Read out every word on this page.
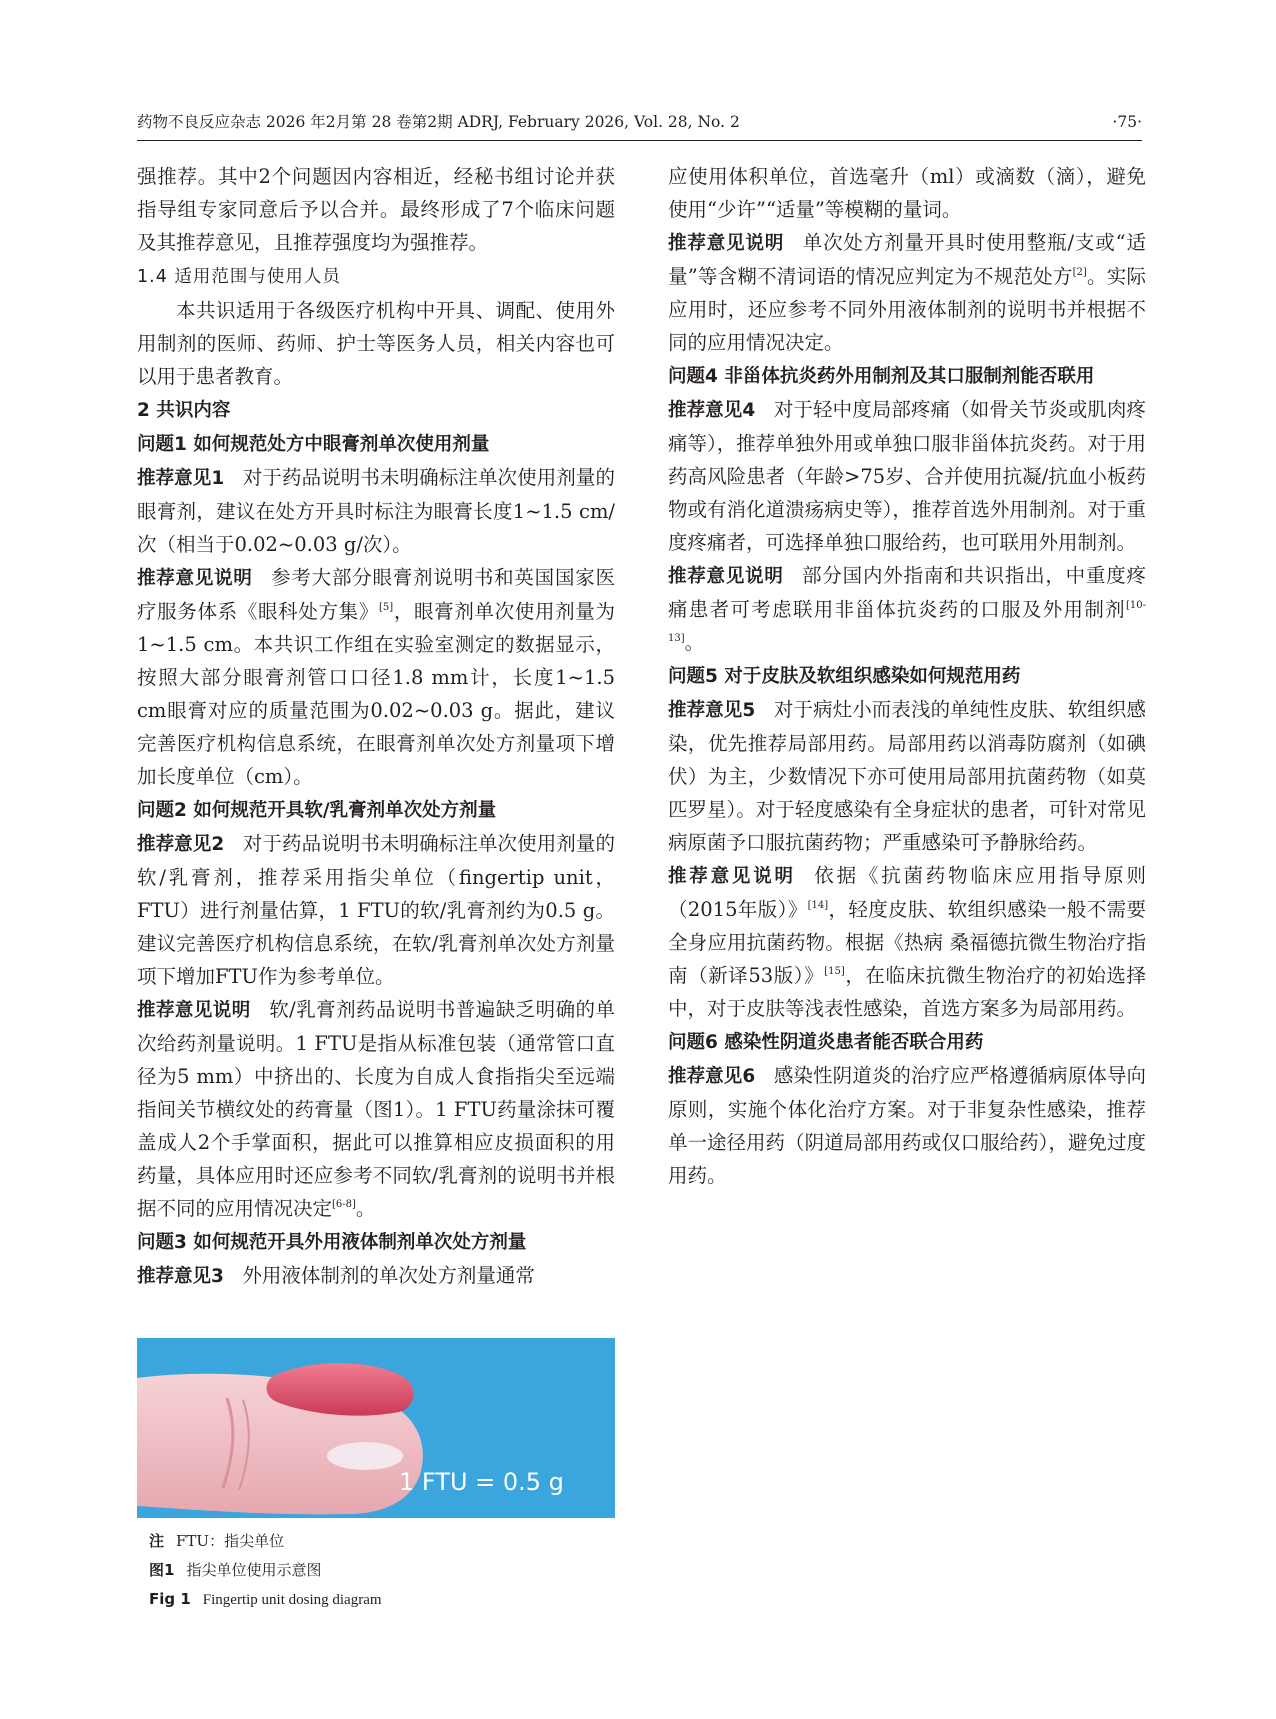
药物不良反应杂志 2026 年2月第 28 卷第2期 ADRJ, February 2026, Vol. 28, No. 2	·75·

强推荐。其中2个问题因内容相近，经秘书组讨论并获指导组专家同意后予以合并。最终形成了7个临床问题及其推荐意见，且推荐强度均为强推荐。

1.4 适用范围与使用人员

本共识适用于各级医疗机构中开具、调配、使用外用制剂的医师、药师、护士等医务人员，相关内容也可以用于患者教育。

2 共识内容

问题1 如何规范处方中眼膏剂单次使用剂量

推荐意见1 对于药品说明书未明确标注单次使用剂量的眼膏剂，建议在处方开具时标注为眼膏长度1~1.5 cm/次（相当于0.02~0.03 g/次）。

推荐意见说明 参考大部分眼膏剂说明书和英国国家医疗服务体系《眼科处方集》[5]，眼膏剂单次使用剂量为1~1.5 cm。本共识工作组在实验室测定的数据显示，按照大部分眼膏剂管口口径1.8 mm计，长度1~1.5 cm眼膏对应的质量范围为0.02~0.03 g。据此，建议完善医疗机构信息系统，在眼膏剂单次处方剂量项下增加长度单位（cm）。

问题2 如何规范开具软/乳膏剂单次处方剂量

推荐意见2 对于药品说明书未明确标注单次使用剂量的软/乳膏剂，推荐采用指尖单位（fingertip unit，FTU）进行剂量估算，1 FTU的软/乳膏剂约为0.5 g。建议完善医疗机构信息系统，在软/乳膏剂单次处方剂量项下增加FTU作为参考单位。

推荐意见说明 软/乳膏剂药品说明书普遍缺乏明确的单次给药剂量说明。1 FTU是指从标准包装（通常管口直径为5 mm）中挤出的、长度为自成人食指指尖至远端指间关节横纹处的药膏量（图1）。1 FTU药量涂抹可覆盖成人2个手掌面积，据此可以推算相应皮损面积的用药量，具体应用时还应参考不同软/乳膏剂的说明书并根据不同的应用情况决定[6-8]。

问题3 如何规范开具外用液体制剂单次处方剂量

推荐意见3 外用液体制剂的单次处方剂量通常

应使用体积单位，首选毫升（ml）或滴数（滴），避免使用“少许”“适量”等模糊的量词。

推荐意见说明 单次处方剂量开具时使用整瓶/支或“适量”等含糊不清词语的情况应判定为不规范处方[2]。实际应用时，还应参考不同外用液体制剂的说明书并根据不同的应用情况决定。

问题4 非甾体抗炎药外用制剂及其口服制剂能否联用

推荐意见4 对于轻中度局部疼痛（如骨关节炎或肌肉疼痛等），推荐单独外用或单独口服非甾体抗炎药。对于用药高风险患者（年龄>75岁、合并使用抗凝/抗血小板药物或有消化道溃疡病史等），推荐首选外用制剂。对于重度疼痛者，可选择单独口服给药，也可联用外用制剂。

推荐意见说明 部分国内外指南和共识指出，中重度疼痛患者可考虑联用非甾体抗炎药的口服及外用制剂[10-13]。

问题5 对于皮肤及软组织感染如何规范用药

推荐意见5 对于病灶小而表浅的单纯性皮肤、软组织感染，优先推荐局部用药。局部用药以消毒防腐剂（如碘伏）为主，少数情况下亦可使用局部用抗菌药物（如莫匹罗星）。对于轻度感染有全身症状的患者，可针对常见病原菌予口服抗菌药物；严重感染可予静脉给药。

推荐意见说明 依据《抗菌药物临床应用指导原则（2015年版）》[14]，轻度皮肤、软组织感染一般不需要全身应用抗菌药物。根据《热病 桑福德抗微生物治疗指南（新译53版）》[15]，在临床抗微生物治疗的初始选择中，对于皮肤等浅表性感染，首选方案多为局部用药。

问题6 感染性阴道炎患者能否联合用药

推荐意见6 感染性阴道炎的治疗应严格遵循病原体导向原则，实施个体化治疗方案。对于非复杂性感染，推荐单一途径用药（阴道局部用药或仅口服给药），避免过度用药。

1 FTU = 0.5 g
注 FTU：指尖单位
图1 指尖单位使用示意图
Fig 1 Fingertip unit dosing diagram
